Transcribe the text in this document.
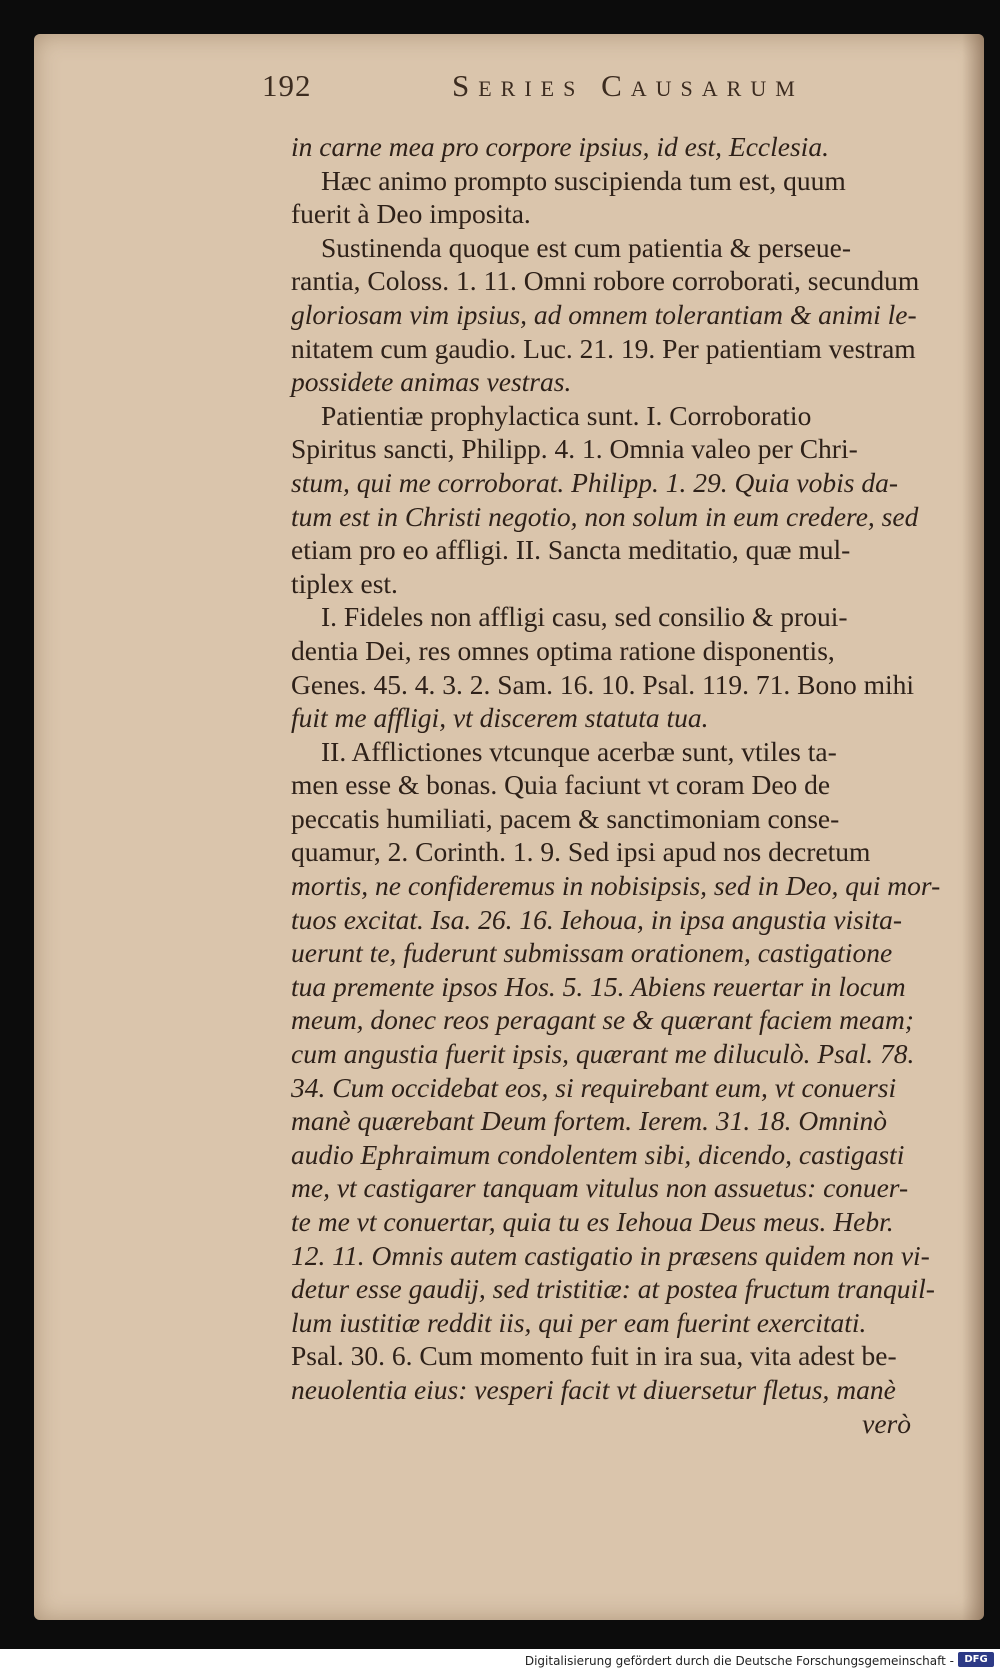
192	Series Causarum
in carne mea pro corpore ipsius, id est, Ecclesia.
Hæc animo prompto suscipienda tum est, quum
fuerit à Deo imposita.
Sustinenda quoque est cum patientia & perseue-
rantia, Coloss. 1. 11. Omni robore corroborati, secundum
gloriosam vim ipsius, ad omnem tolerantiam & animi le-
nitatem cum gaudio. Luc. 21. 19. Per patientiam vestram
possidete animas vestras.
Patientiæ prophylactica sunt. I. Corroboratio
Spiritus sancti, Philipp. 4. 1. Omnia valeo per Chri-
stum, qui me corroborat. Philipp. 1. 29. Quia vobis da-
tum est in Christi negotio, non solum in eum credere, sed
etiam pro eo affligi. II. Sancta meditatio, quæ mul-
tiplex est.
I. Fideles non affligi casu, sed consilio & proui-
dentia Dei, res omnes optima ratione disponentis,
Genes. 45. 4. 3. 2. Sam. 16. 10. Psal. 119. 71. Bono mihi
fuit me affligi, vt discerem statuta tua.
II. Afflictiones vtcunque acerbæ sunt, vtiles ta-
men esse & bonas. Quia faciunt vt coram Deo de
peccatis humiliati, pacem & sanctimoniam conse-
quamur, 2. Corinth. 1. 9. Sed ipsi apud nos decretum
mortis, ne confideremus in nobisipsis, sed in Deo, qui mor-
tuos excitat. Isa. 26. 16. Iehoua, in ipsa angustia visita-
uerunt te, fuderunt submissam orationem, castigatione
tua premente ipsos Hos. 5. 15. Abiens reuertar in locum
meum, donec reos peragant se & quærant faciem meam;
cum angustia fuerit ipsis, quærant me diluculò. Psal. 78.
34. Cum occidebat eos, si requirebant eum, vt conuersi
manè quærebant Deum fortem. Ierem. 31. 18. Omninò
audio Ephraimum condolentem sibi, dicendo, castigasti
me, vt castigarer tanquam vitulus non assuetus: conuer-
te me vt conuertar, quia tu es Iehoua Deus meus. Hebr.
12. 11. Omnis autem castigatio in præsens quidem non vi-
detur esse gaudij, sed tristitiæ: at postea fructum tranquil-
lum iustitiæ reddit iis, qui per eam fuerint exercitati.
Psal. 30. 6. Cum momento fuit in ira sua, vita adest be-
neuolentia eius: vesperi facit vt diuersetur fletus, manè
verò
Digitalisierung gefördert durch die Deutsche Forschungsgemeinschaft -	DFG
